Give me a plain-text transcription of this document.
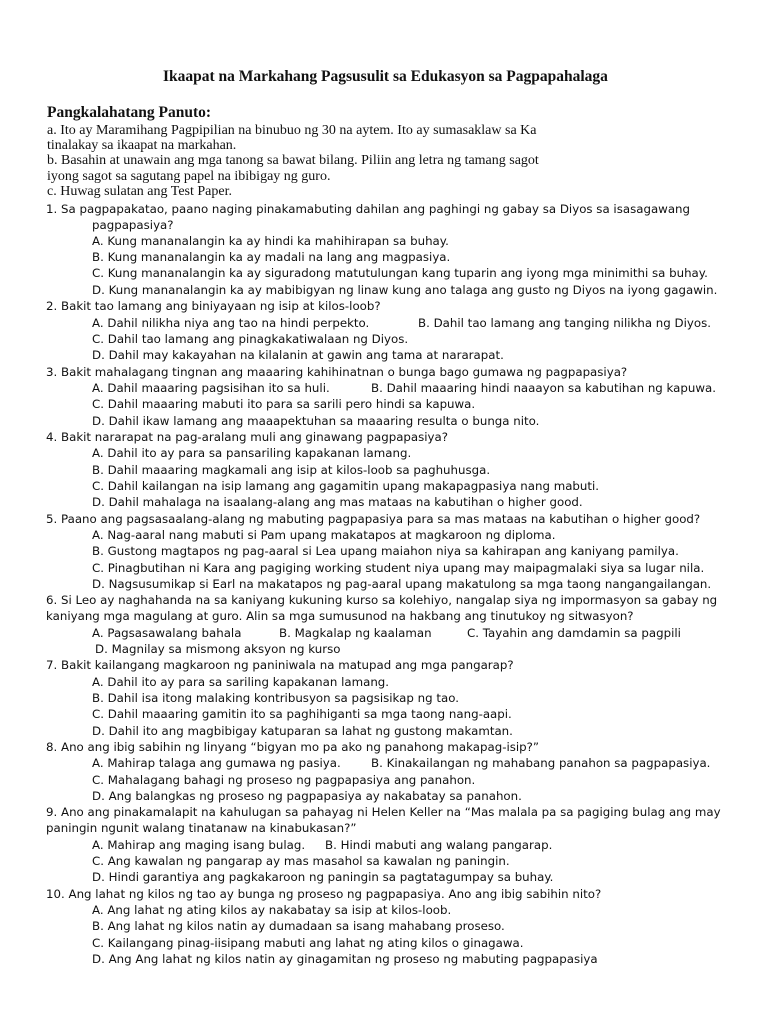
Ikaapat na Markahang Pagsusulit sa Edukasyon sa Pagpapahalaga
Pangkalahatang Panuto:
a. Ito ay Maramihang Pagpipilian na binubuo ng 30 na aytem. Ito ay sumasaklaw sa Ka
tinalakay sa ikaapat na markahan.
b. Basahin at unawain ang mga tanong sa bawat bilang. Piliin ang letra ng tamang sagot
iyong sagot sa sagutang papel na ibibigay ng guro.
c. Huwag sulatan ang Test Paper.
1. Sa pagpapakatao, paano naging pinakamabuting dahilan ang paghingi ng gabay sa Diyos sa isasagawang
pagpapasiya?
A. Kung mananalangin ka ay hindi ka mahihirapan sa buhay.
B. Kung mananalangin ka ay madali na lang ang magpasiya.
C. Kung mananalangin ka ay siguradong matutulungan kang tuparin ang iyong mga minimithi sa buhay.
D. Kung mananalangin ka ay mabibigyan ng linaw kung ano talaga ang gusto ng Diyos na iyong gagawin.
2. Bakit tao lamang ang biniyayaan ng isip at kilos-loob?
A. Dahil nilikha niya ang tao na hindi perpekto.	B. Dahil tao lamang ang tanging nilikha ng Diyos.
C. Dahil tao lamang ang pinagkakatiwalaan ng Diyos.
D. Dahil may kakayahan na kilalanin at gawin ang tama at nararapat.
3. Bakit mahalagang tingnan ang maaaring kahihinatnan o bunga bago gumawa ng pagpapasiya?
A. Dahil maaaring pagsisihan ito sa huli.	B. Dahil maaaring hindi naaayon sa kabutihan ng kapuwa.
C. Dahil maaaring mabuti ito para sa sarili pero hindi sa kapuwa.
D. Dahil ikaw lamang ang maaapektuhan sa maaaring resulta o bunga nito.
4. Bakit nararapat na pag-aralang muli ang ginawang pagpapasiya?
A. Dahil ito ay para sa pansariling kapakanan lamang.
B. Dahil maaaring magkamali ang isip at kilos-loob sa paghuhusga.
C. Dahil kailangan na isip lamang ang gagamitin upang makapagpasiya nang mabuti.
D. Dahil mahalaga na isaalang-alang ang mas mataas na kabutihan o higher good.
5. Paano ang pagsasaalang-alang ng mabuting pagpapasiya para sa mas mataas na kabutihan o higher good?
A. Nag-aaral nang mabuti si Pam upang makatapos at magkaroon ng diploma.
B. Gustong magtapos ng pag-aaral si Lea upang maiahon niya sa kahirapan ang kaniyang pamilya.
C. Pinagbutihan ni Kara ang pagiging working student niya upang may maipagmalaki siya sa lugar nila.
D. Nagsusumikap si Earl na makatapos ng pag-aaral upang makatulong sa mga taong nangangailangan.
6. Si Leo ay naghahanda na sa kaniyang kukuning kurso sa kolehiyo, nangalap siya ng impormasyon sa gabay ng
kaniyang mga magulang at guro. Alin sa mga sumusunod na hakbang ang tinutukoy ng sitwasyon?
A. Pagsasawalang bahala	B. Magkalap ng kaalaman	C. Tayahin ang damdamin sa pagpili
D. Magnilay sa mismong aksyon ng kurso
7. Bakit kailangang magkaroon ng paniniwala na matupad ang mga pangarap?
A. Dahil ito ay para sa sariling kapakanan lamang.
B. Dahil isa itong malaking kontribusyon sa pagsisikap ng tao.
C. Dahil maaaring gamitin ito sa paghihiganti sa mga taong nang-aapi.
D. Dahil ito ang magbibigay katuparan sa lahat ng gustong makamtan.
8. Ano ang ibig sabihin ng linyang “bigyan mo pa ako ng panahong makapag-isip?”
A. Mahirap talaga ang gumawa ng pasiya.	B. Kinakailangan ng mahabang panahon sa pagpapasiya.
C. Mahalagang bahagi ng proseso ng pagpapasiya ang panahon.
D. Ang balangkas ng proseso ng pagpapasiya ay nakabatay sa panahon.
9. Ano ang pinakamalapit na kahulugan sa pahayag ni Helen Keller na “Mas malala pa sa pagiging bulag ang may
paningin ngunit walang tinatanaw na kinabukasan?”
A. Mahirap ang maging isang bulag. B. Hindi mabuti ang walang pangarap.
C. Ang kawalan ng pangarap ay mas masahol sa kawalan ng paningin.
D. Hindi garantiya ang pagkakaroon ng paningin sa pagtatagumpay sa buhay.
10. Ang lahat ng kilos ng tao ay bunga ng proseso ng pagpapasiya. Ano ang ibig sabihin nito?
A. Ang lahat ng ating kilos ay nakabatay sa isip at kilos-loob.
B. Ang lahat ng kilos natin ay dumadaan sa isang mahabang proseso.
C. Kailangang pinag-iisipang mabuti ang lahat ng ating kilos o ginagawa.
D. Ang Ang lahat ng kilos natin ay ginagamitan ng proseso ng mabuting pagpapasiya
